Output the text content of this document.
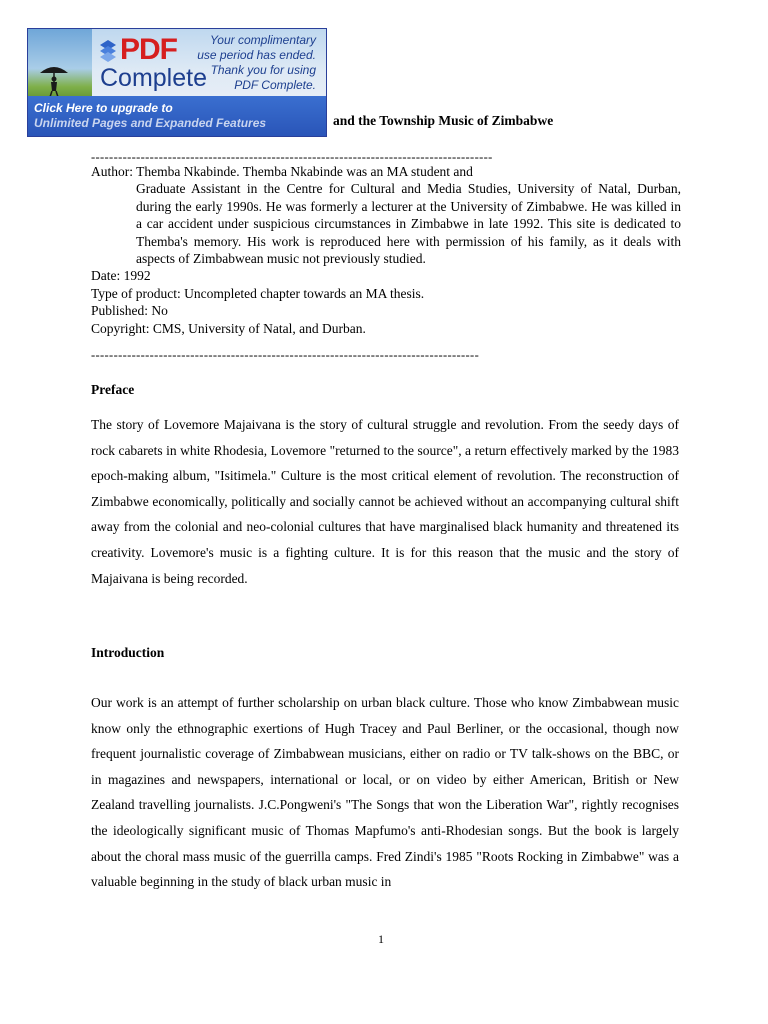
PDF
Complete
Your complimentary
use period has ended.
Thank you for using
PDF Complete.
Click Here to upgrade to
Unlimited Pages and Expanded Features	and the Township Music of Zimbabwe
-----------------------------------------------------------------------------------------
Author: Themba Nkabinde. Themba Nkabinde was an MA student and
Graduate Assistant in the Centre for Cultural and Media Studies, University of Natal, Durban, during the early 1990s. He was formerly a lecturer at the University of Zimbabwe. He was killed in a car accident under suspicious circumstances in Zimbabwe in late 1992. This site is dedicated to Themba's memory. His work is reproduced here with permission of his family, as it deals with aspects of Zimbabwean music not previously studied.
Date: 1992
Type of product: Uncompleted chapter towards an MA thesis.
Published: No
Copyright: CMS, University of Natal, and Durban.
--------------------------------------------------------------------------------------
Preface
The story of Lovemore Majaivana is the story of cultural struggle and revolution. From the seedy days of rock cabarets in white Rhodesia, Lovemore "returned to the source", a return effectively marked by the 1983 epoch-making album, "Isitimela." Culture is the most critical element of revolution. The reconstruction of Zimbabwe economically, politically and socially cannot be achieved without an accompanying cultural shift away from the colonial and neo-colonial cultures that have marginalised black humanity and threatened its creativity. Lovemore's music is a fighting culture. It is for this reason that the music and the story of Majaivana is being recorded.
Introduction
Our work is an attempt of further scholarship on urban black culture. Those who know Zimbabwean music know only the ethnographic exertions of Hugh Tracey and Paul Berliner, or the occasional, though now frequent journalistic coverage of Zimbabwean musicians, either on radio or TV talk-shows on the BBC, or in magazines and newspapers, international or local, or on video by either American, British or New Zealand travelling journalists. J.C.Pongweni's "The Songs that won the Liberation War", rightly recognises the ideologically significant music of Thomas Mapfumo's anti-Rhodesian songs. But the book is largely about the choral mass music of the guerrilla camps. Fred Zindi's 1985 "Roots Rocking in Zimbabwe" was a valuable beginning in the study of black urban music in
1
